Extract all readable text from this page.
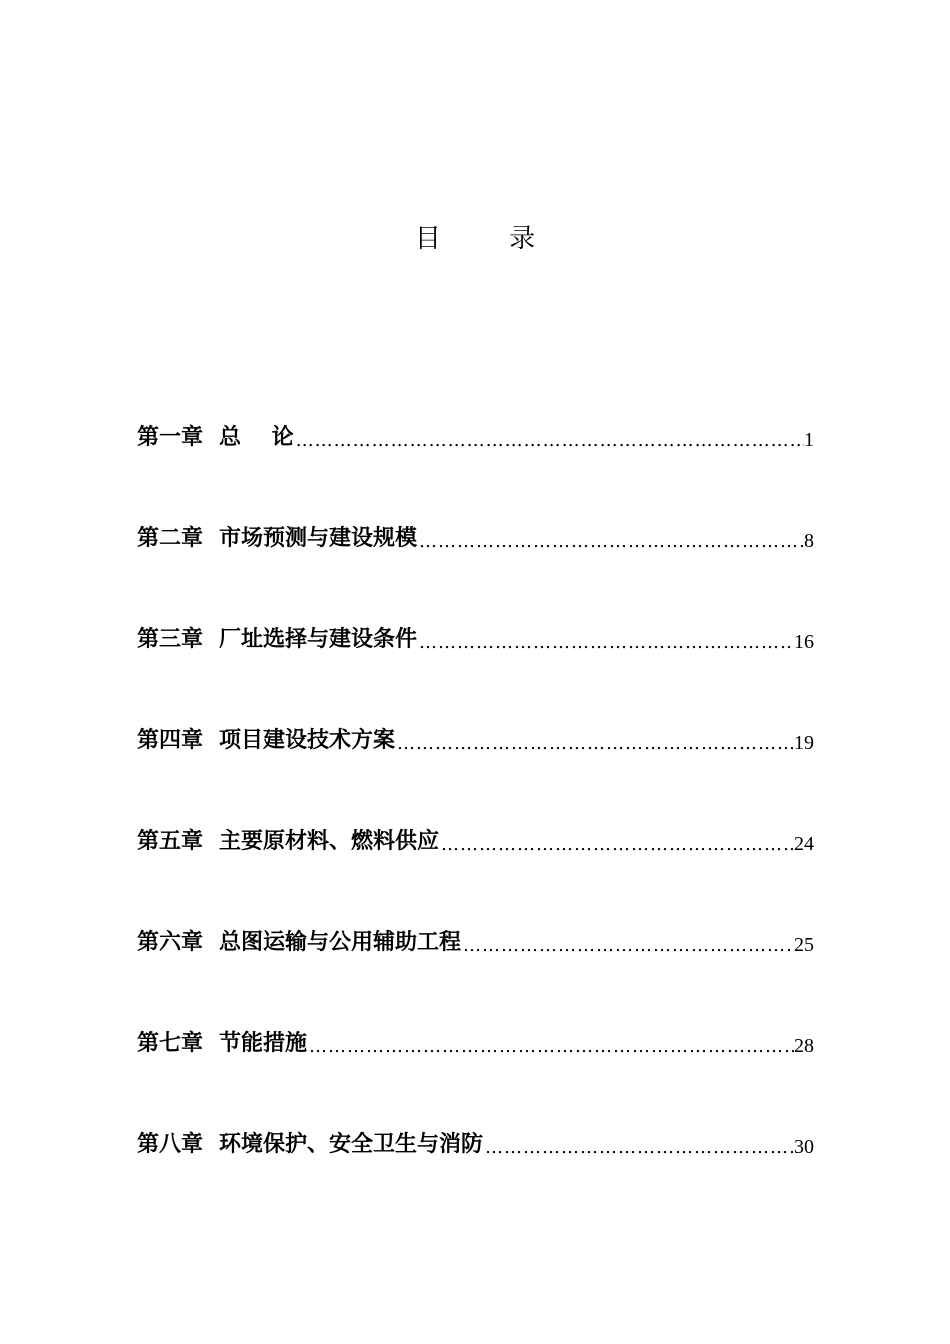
目 录
第一章 总    论 …………………………………………………………………………………………………………	1
第二章 市场预测与建设规模 …………………………………………………………………………………………………………	8
第三章 厂址选择与建设条件 …………………………………………………………………………………………………………	16
第四章 项目建设技术方案 …………………………………………………………………………………………………………	19
第五章 主要原材料、燃料供应 …………………………………………………………………………………………………………	24
第六章 总图运输与公用辅助工程 …………………………………………………………………………………………………………	25
第七章 节能措施 …………………………………………………………………………………………………………	28
第八章 环境保护、安全卫生与消防 …………………………………………………………………………………………………………	30
